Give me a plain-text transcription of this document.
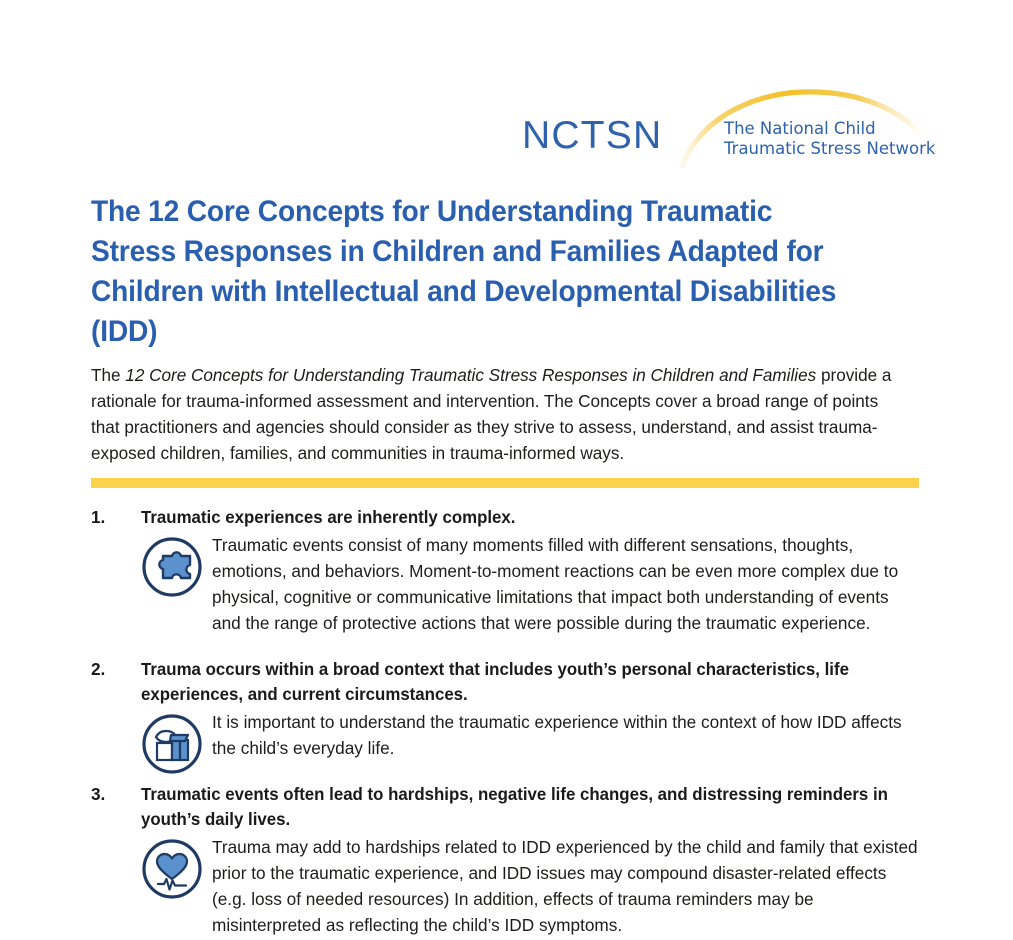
NCTSN	The National Child
Traumatic Stress Network
The 12 Core Concepts for Understanding Traumatic Stress Responses in Children and Families Adapted for Children with Intellectual and Developmental Disabilities (IDD)

The 12 Core Concepts for Understanding Traumatic Stress Responses in Children and Families provide a rationale for trauma-informed assessment and intervention. The Concepts cover a broad range of points that practitioners and agencies should consider as they strive to assess, understand, and assist trauma-exposed children, families, and communities in trauma-informed ways.

1.	Traumatic experiences are inherently complex.
Traumatic events consist of many moments filled with different sensations, thoughts, emotions, and behaviors. Moment-to-moment reactions can be even more complex due to physical, cognitive or communicative limitations that impact both understanding of events and the range of protective actions that were possible during the traumatic experience.
2.	Trauma occurs within a broad context that includes youth’s personal characteristics, life experiences, and current circumstances.
It is important to understand the traumatic experience within the context of how IDD affects the child’s everyday life.
3.	Traumatic events often lead to hardships, negative life changes, and distressing reminders in youth’s daily lives.
Trauma may add to hardships related to IDD experienced by the child and family that existed prior to the traumatic experience, and IDD issues may compound disaster-related effects (e.g. loss of needed resources) In addition, effects of trauma reminders may be misinterpreted as reflecting the child’s IDD symptoms.
